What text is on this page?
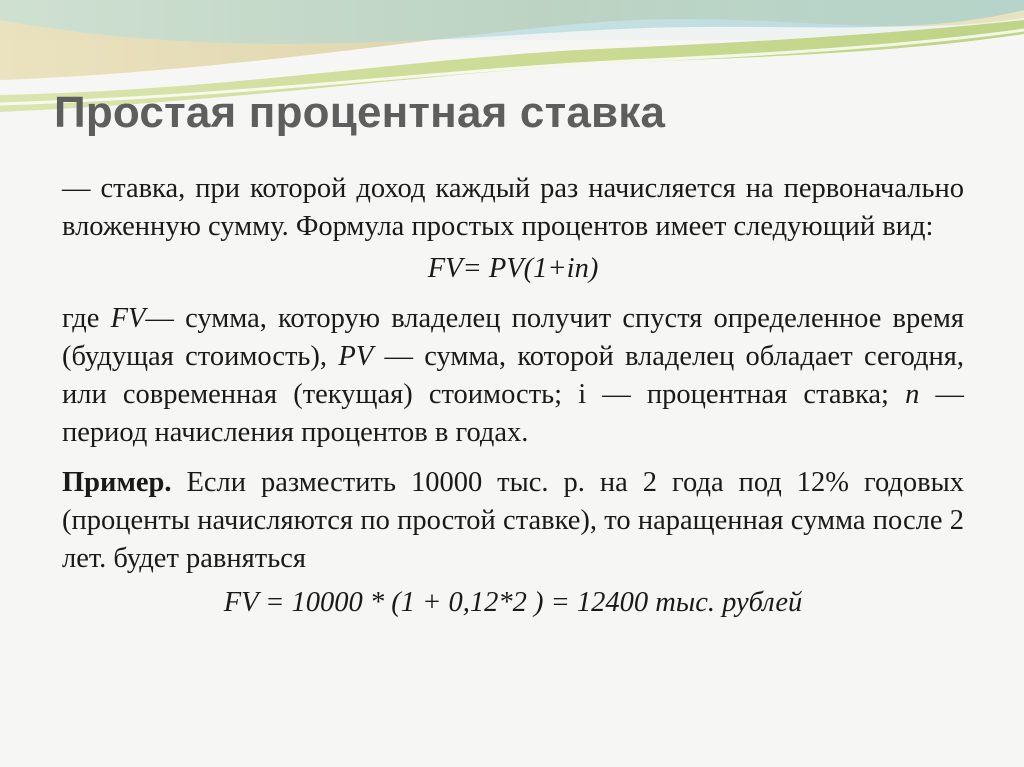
Простая процентная ставка

— ставка, при которой доход каждый раз начисляется на первоначально вложенную сумму. Формула простых процентов имеет следующий вид:

FV= PV(1+in)

где FV— сумма, которую владелец получит спустя определенное время (будущая стоимость), PV — сумма, которой владелец обладает сегодня, или современная (текущая) стоимость; i — процентная ставка; n — период начисления процентов в годах.

Пример. Если разместить 10000 тыс. р. на 2 года под 12% годовых (проценты начисляются по простой ставке), то наращенная сумма после 2 лет. будет равняться

FV = 10000 * (1 + 0,12*2 ) = 12400 тыс. рублей
